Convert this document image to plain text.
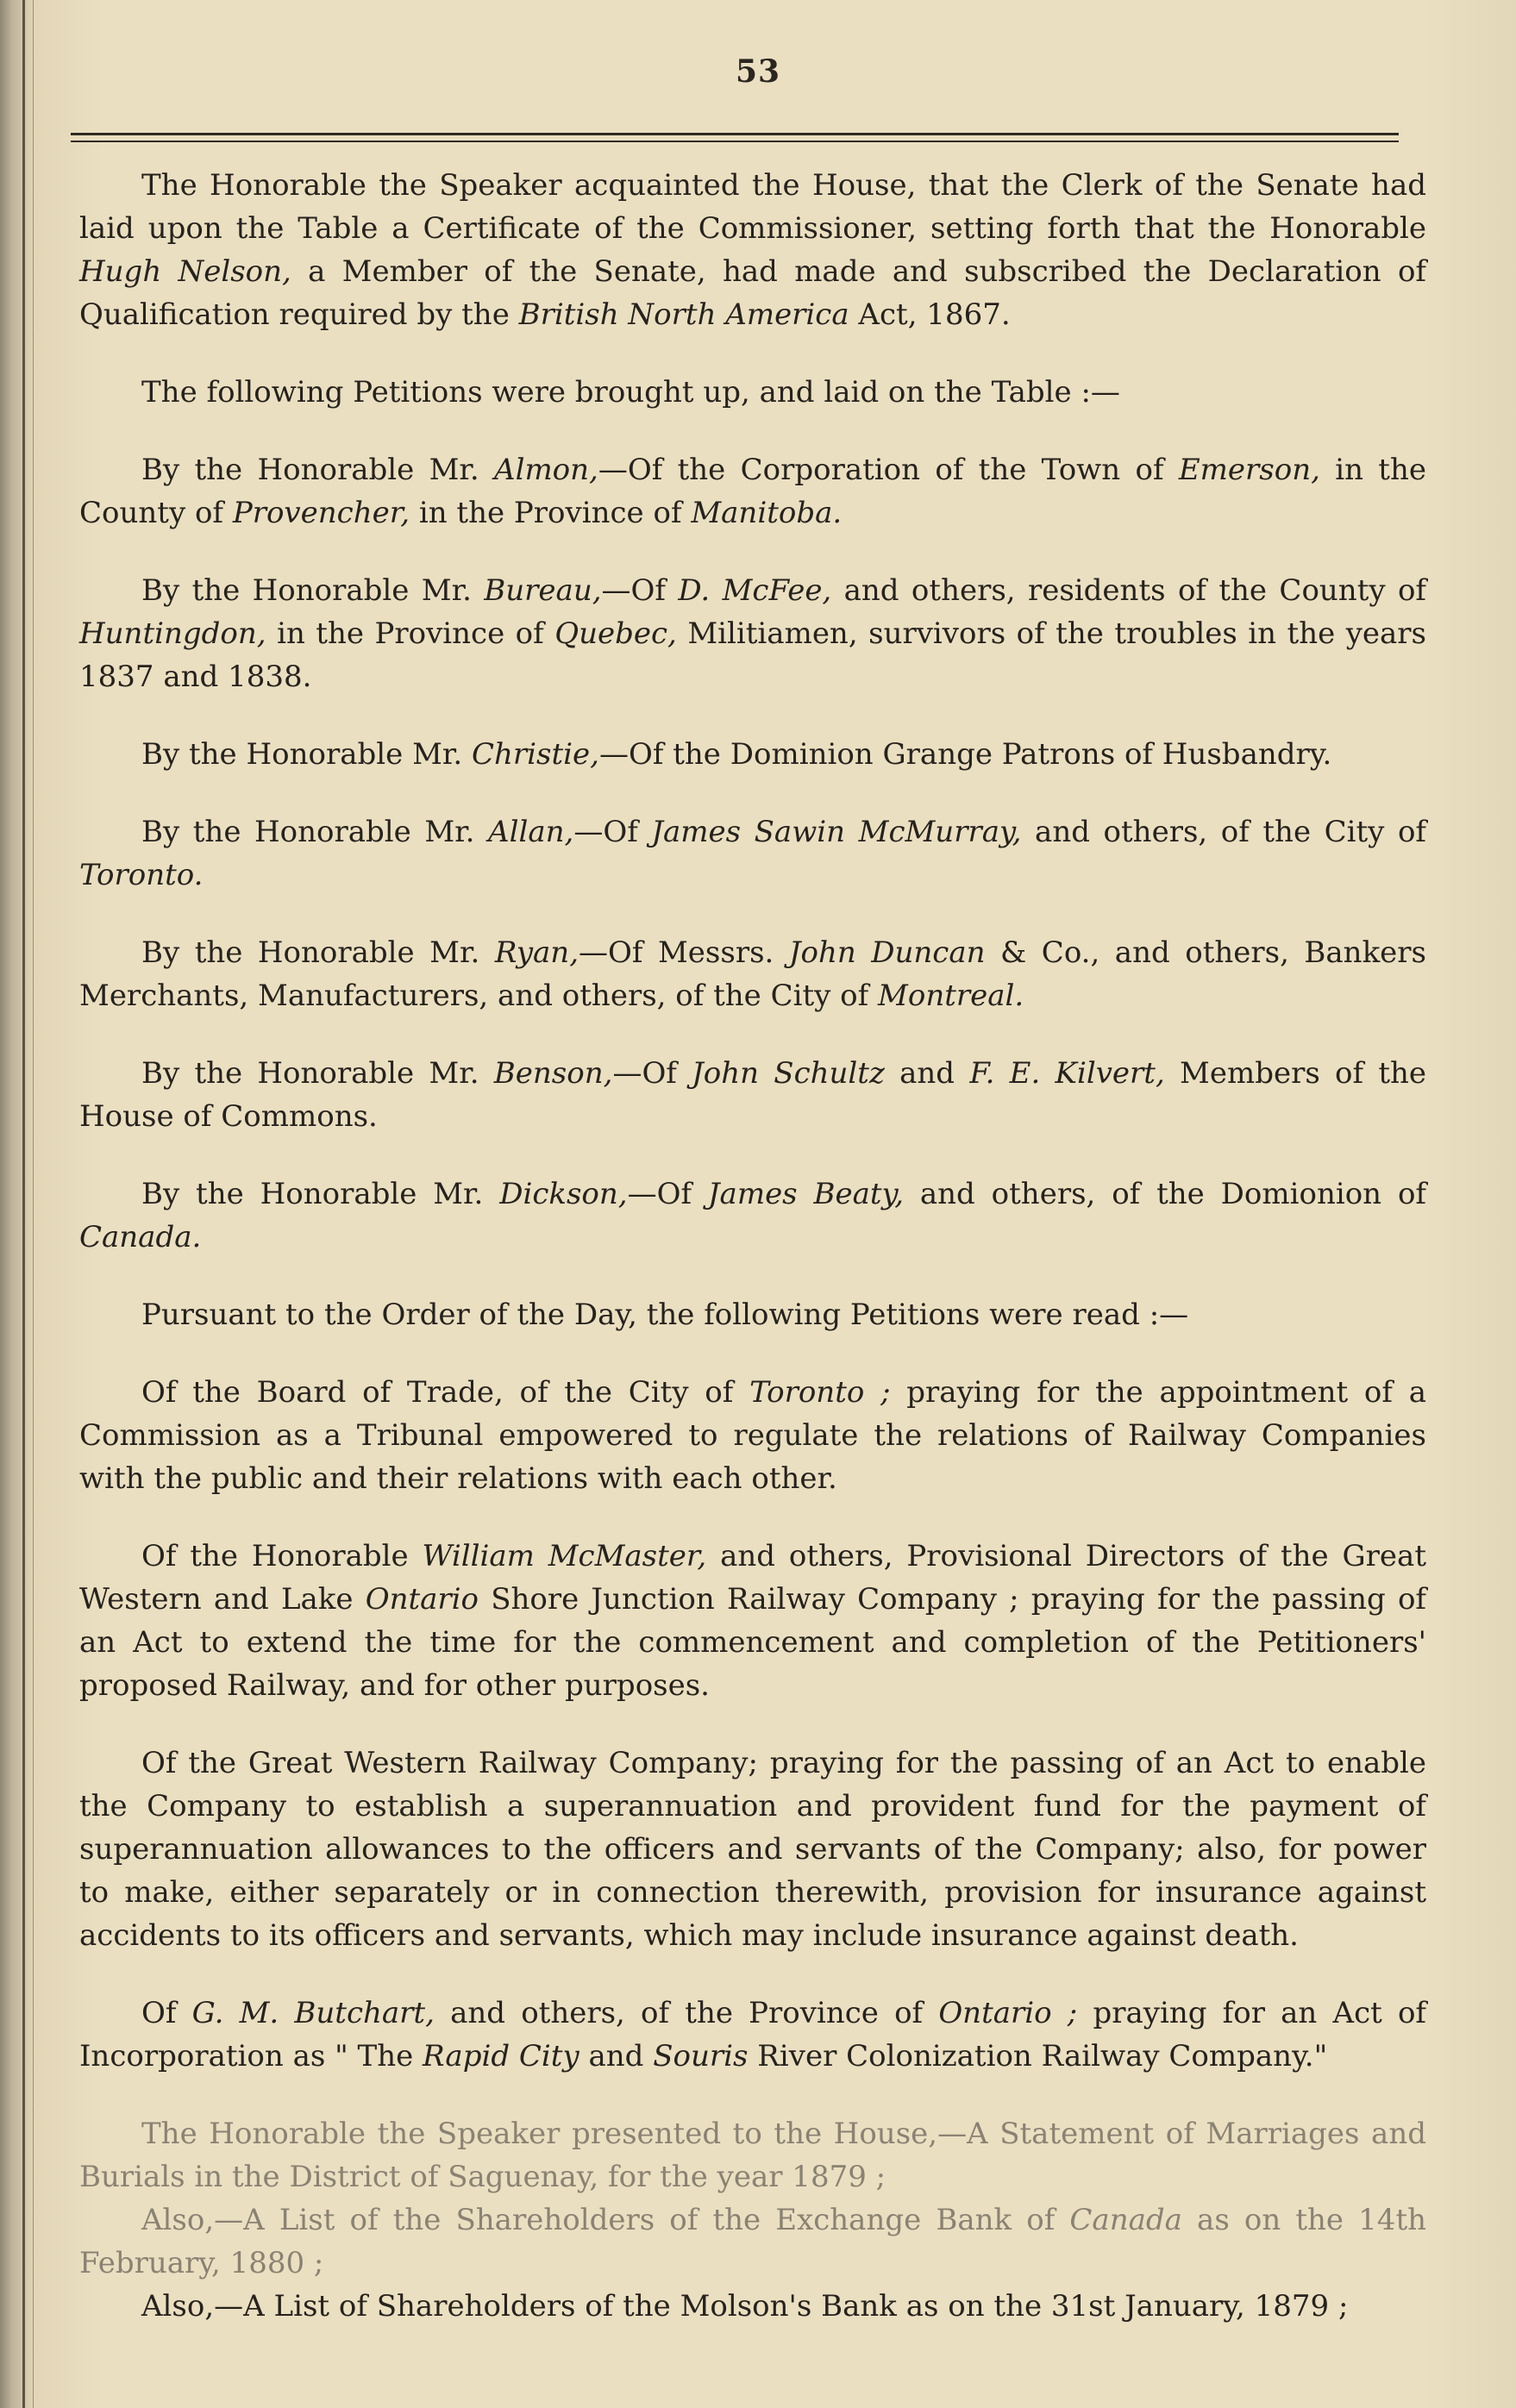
53

The Honorable the Speaker acquainted the House, that the Clerk of the Senate had laid upon the Table a Certificate of the Commissioner, setting forth that the Honorable Hugh Nelson, a Member of the Senate, had made and subscribed the Declaration of Qualification required by the British North America Act, 1867.

The following Petitions were brought up, and laid on the Table :—

By the Honorable Mr. Almon,—Of the Corporation of the Town of Emerson, in the County of Provencher, in the Province of Manitoba.

By the Honorable Mr. Bureau,—Of D. McFee, and others, residents of the County of Huntingdon, in the Province of Quebec, Militiamen, survivors of the troubles in the years 1837 and 1838.

By the Honorable Mr. Christie,—Of the Dominion Grange Patrons of Husbandry.

By the Honorable Mr. Allan,—Of James Sawin McMurray, and others, of the City of Toronto.

By the Honorable Mr. Ryan,—Of Messrs. John Duncan & Co., and others, Bankers Merchants, Manufacturers, and others, of the City of Montreal.

By the Honorable Mr. Benson,—Of John Schultz and F. E. Kilvert, Members of the House of Commons.

By the Honorable Mr. Dickson,—Of James Beaty, and others, of the Domionion of Canada.

Pursuant to the Order of the Day, the following Petitions were read :—

Of the Board of Trade, of the City of Toronto ; praying for the appointment of a Commission as a Tribunal empowered to regulate the relations of Railway Companies with the public and their relations with each other.

Of the Honorable William McMaster, and others, Provisional Directors of the Great Western and Lake Ontario Shore Junction Railway Company ; praying for the passing of an Act to extend the time for the commencement and completion of the Petitioners' proposed Railway, and for other purposes.

Of the Great Western Railway Company; praying for the passing of an Act to enable the Company to establish a superannuation and provident fund for the payment of superannuation allowances to the officers and servants of the Company; also, for power to make, either separately or in connection therewith, provision for insurance against accidents to its officers and servants, which may include insurance against death.

Of G. M. Butchart, and others, of the Province of Ontario ; praying for an Act of Incorporation as " The Rapid City and Souris River Colonization Railway Company."

The Honorable the Speaker presented to the House,—A Statement of Marriages and Burials in the District of Saguenay, for the year 1879 ;

Also,—A List of the Shareholders of the Exchange Bank of Canada as on the 14th February, 1880 ;

Also,—A List of Shareholders of the Molson's Bank as on the 31st January, 1879 ;
